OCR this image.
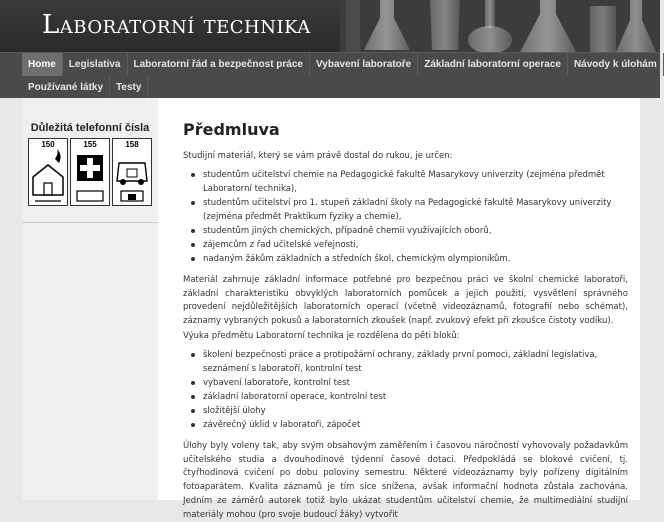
Laboratorní technika
Home	Legislativa	Laboratorní řád a bezpečnost práce	Vybavení laboratoře	Základní laboratorní operace	Návody k úlohám
Používané látky	Testy
Důležitá telefonní čísla
150	155	158
Předmluva
Studijní materiál, který se vám právě dostal do rukou, je určen:
studentům učitelství chemie na Pedagogické fakultě Masarykovy univerzity (zejména předmět Laboratorní technika),
studentům učitelství pro 1. stupeň základní školy na Pedagogické fakultě Masarykovy univerzity (zejména předmět Praktikum fyziky a chemie),
studentům jiných chemických, případně chemii využívajících oborů,
zájemcům z řad učitelské veřejnosti,
nadaným žákům základních a středních škol, chemickým olympionikům.
Materiál zahrnuje základní informace potřebné pro bezpečnou práci ve školní chemické laboratoři, základní charakteristiku obvyklých laboratorních pomůcek a jejich použití, vysvětlení správného provedení nejdůležitějších laboratorních operací (včetně videozáznamů, fotografií nebo schémat), záznamy vybraných pokusů a laboratorních zkoušek (např. zvukový efekt při zkoušce čistoty vodíku).
Výuka předmětu Laboratorní technika je rozdělena do pěti bloků:
školení bezpečnosti práce a protipožární ochrany, základy první pomoci, základní legislativa, seznámení s laboratoří, kontrolní test
vybavení laboratoře, kontrolní test
základní laboratorní operace, kontrolní test
složitější úlohy
závěrečný úklid v laboratoři, zápočet
Úlohy byly voleny tak, aby svým obsahovým zaměřením i časovou náročností vyhovovaly požadavkům učitelského studia a dvouhodinové týdenní časové dotaci. Předpokládá se blokové cvičení, tj. čtyřhodinová cvičení po dobu poloviny semestru. Některé videozáznamy byly pořízeny digitálním fotoaparátem. Kvalita záznamů je tím sice snížena, avšak informační hodnota zůstala zachována. Jedním ze záměrů autorek totiž bylo ukázat studentům učitelství chemie, že multimediální studijní materiály mohou (pro svoje budoucí žáky) vytvořit
